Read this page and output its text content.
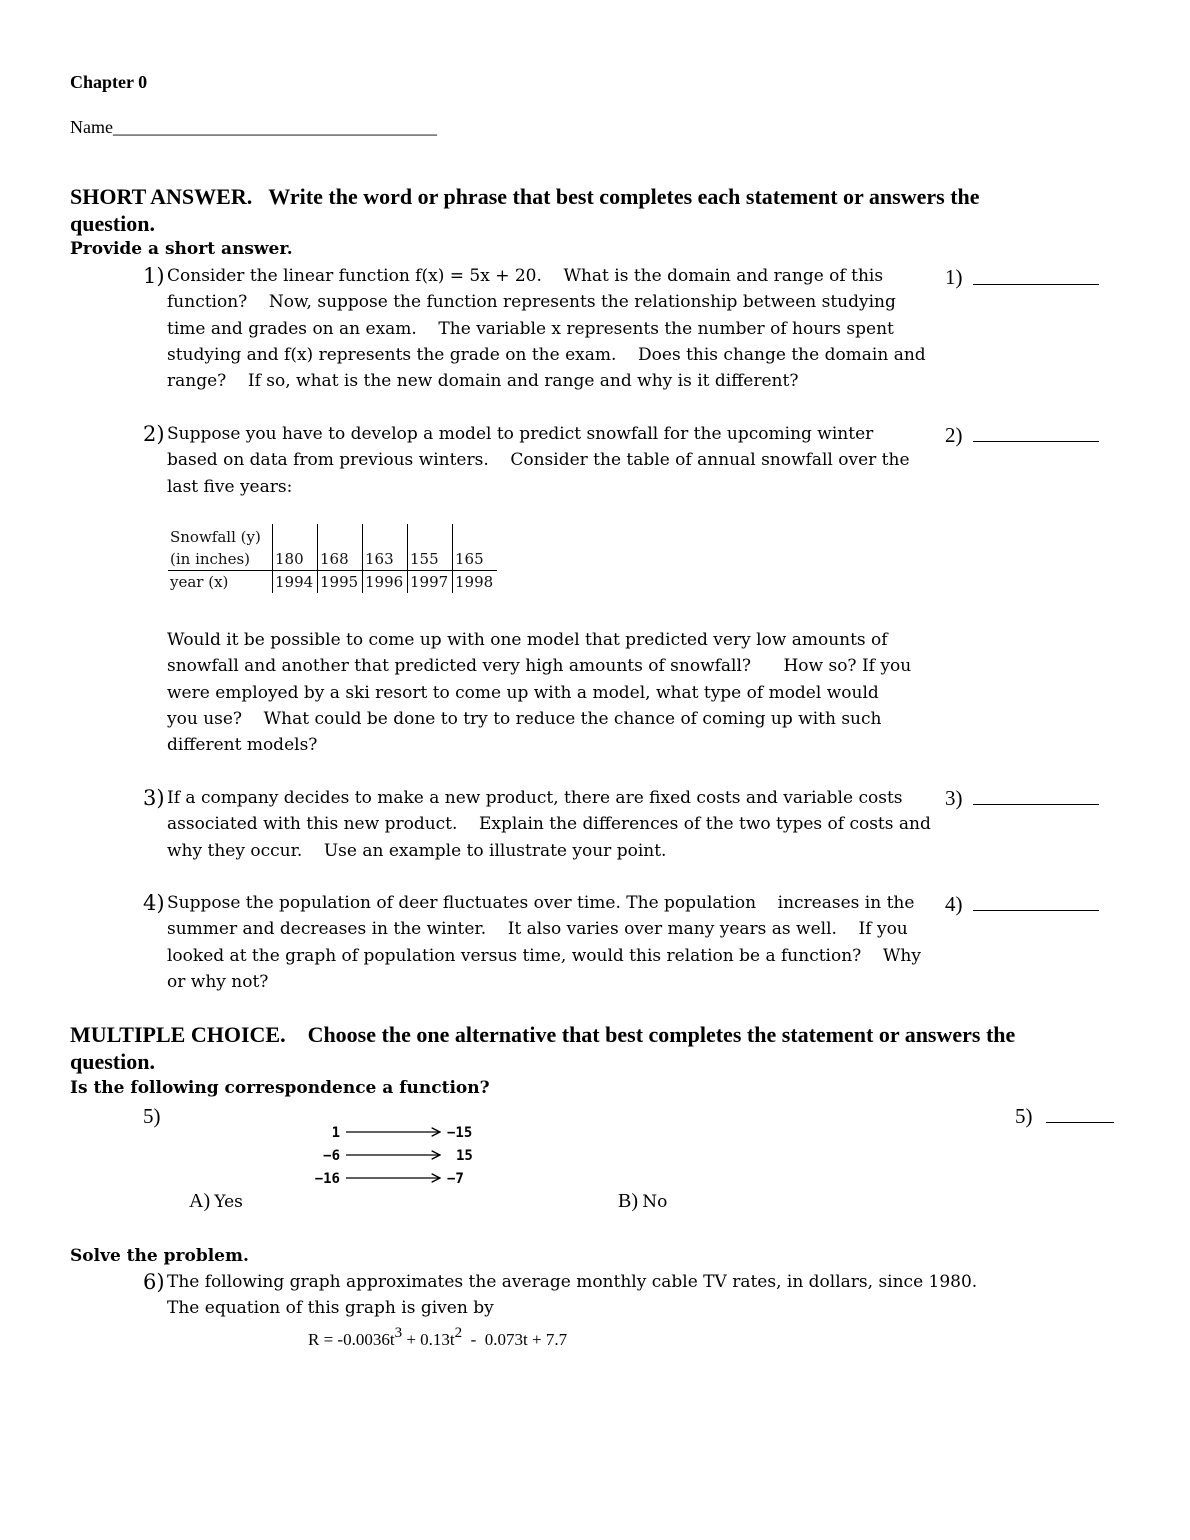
Chapter 0
Name____________________________________
SHORT ANSWER.   Write the word or phrase that best completes each statement or answers the
question.
Provide a short answer.
1) Consider the linear function f(x) = 5x + 20.    What is the domain and range of this
function?    Now, suppose the function represents the relationship between studying
time and grades on an exam.    The variable x represents the number of hours spent
studying and f(x) represents the grade on the exam.    Does this change the domain and
range?    If so, what is the new domain and range and why is it different?
1)
2) Suppose you have to develop a model to predict snowfall for the upcoming winter
based on data from previous winters.    Consider the table of annual snowfall over the
last five years:
2)
Snowfall (y)					
(in inches)	180	168	163	155	165
year (x)	1994	1995	1996	1997	1998
Would it be possible to come up with one model that predicted very low amounts of
snowfall and another that predicted very high amounts of snowfall?      How so? If you
were employed by a ski resort to come up with a model, what type of model would
you use?    What could be done to try to reduce the chance of coming up with such
different models?
3) If a company decides to make a new product, there are fixed costs and variable costs
associated with this new product.    Explain the differences of the two types of costs and
why they occur.    Use an example to illustrate your point.
3)
4) Suppose the population of deer fluctuates over time. The population    increases in the
summer and decreases in the winter.    It also varies over many years as well.    If you
looked at the graph of population versus time, would this relation be a function?    Why
or why not?
4)
MULTIPLE CHOICE.    Choose the one alternative that best completes the statement or answers the
question.
Is the following correspondence a function?
5)	5)
1	−15
−6	15
−16	−7
A) Yes	B) No
Solve the problem.
6) The following graph approximates the average monthly cable TV rates, in dollars, since 1980.
The equation of this graph is given by
$R = -0.0036t^3 + 0.13t^2 - 0.073t + 7.7$
